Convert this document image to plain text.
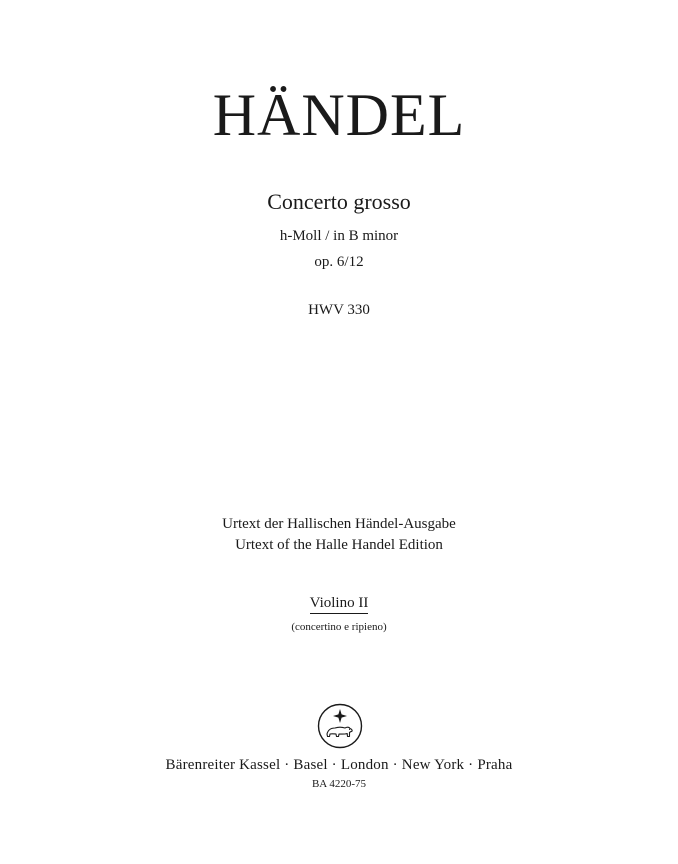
HÄNDEL
Concerto grosso
h-Moll / in B minor
op. 6/12
HWV 330
Urtext der Hallischen Händel-Ausgabe
Urtext of the Halle Handel Edition
Violino II
(concertino e ripieno)
Bärenreiter Kassel · Basel · London · New York · Praha
BA 4220-75
